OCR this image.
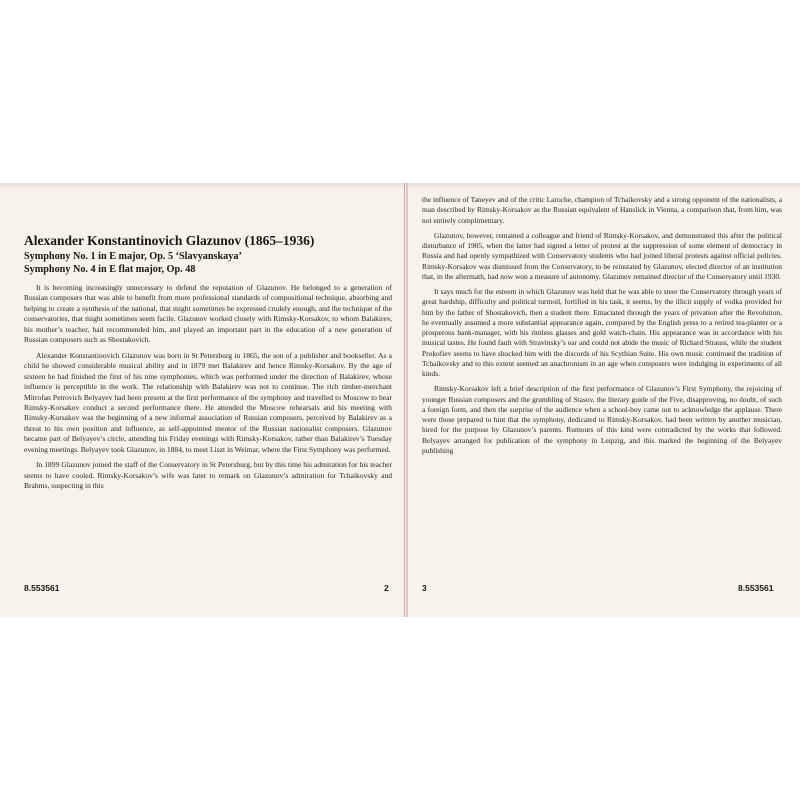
Alexander Konstantinovich Glazunov (1865–1936)
Symphony No. 1 in E major, Op. 5 ‘Slavyanskaya’
Symphony No. 4 in E flat major, Op. 48

It is becoming increasingly unnecessary to defend the reputation of Glazunov. He belonged to a generation of Russian composers that was able to benefit from more professional standards of compositional technique, absorbing and helping to create a synthesis of the national, that might sometimes be expressed crudely enough, and the technique of the conservatories, that might sometimes seem facile. Glazunov worked closely with Rimsky-Korsakov, to whom Balakirev, his mother’s teacher, had recommended him, and played an important part in the education of a new generation of Russian composers such as Shostakovich.

Alexander Konstantinovich Glazunov was born in St Petersburg in 1865, the son of a publisher and bookseller. As a child he showed considerable musical ability and in 1879 met Balakirev and hence Rimsky-Korsakov. By the age of sixteen he had finished the first of his nine symphonies, which was performed under the direction of Balakirev, whose influence is perceptible in the work. The relationship with Balakirev was not to continue. The rich timber-merchant Mitrofan Petrovich Belyayev had been present at the first performance of the symphony and travelled to Moscow to hear Rimsky-Korsakov conduct a second performance there. He attended the Moscow rehearsals and his meeting with Rimsky-Korsakov was the beginning of a new informal association of Russian composers, perceived by Balakirev as a threat to his own position and influence, as self-appointed mentor of the Russian nationalist composers. Glazunov became part of Belyayev’s circle, attending his Friday evenings with Rimsky-Korsakov, rather than Balakirev’s Tuesday evening meetings. Belyayev took Glazunov, in 1884, to meet Liszt in Weimar, where the First Symphony was performed.

In 1899 Glazunov joined the staff of the Conservatory in St Petersburg, but by this time his admiration for his teacher seems to have cooled. Rimsky-Korsakov’s wife was later to remark on Glazunov’s admiration for Tchaikovsky and Brahms, suspecting in this

the influence of Taneyev and of the critic Laroche, champion of Tchaikovsky and a strong opponent of the nationalists, a man described by Rimsky-Korsakov as the Russian equivalent of Hanslick in Vienna, a comparison that, from him, was not entirely complimentary.

Glazunov, however, remained a colleague and friend of Rimsky-Korsakov, and demonstrated this after the political disturbance of 1905, when the latter had signed a letter of protest at the suppression of some element of democracy in Russia and had openly sympathized with Conservatory students who had joined liberal protests against official policies. Rimsky-Korsakov was dismissed from the Conservatory, to be reinstated by Glazunov, elected director of an institution that, in the aftermath, had now won a measure of autonomy. Glazunov remained director of the Conservatory until 1930.

It says much for the esteem in which Glazunov was held that he was able to steer the Conservatory through years of great hardship, difficulty and political turmoil, fortified in his task, it seems, by the illicit supply of vodka provided for him by the father of Shostakovich, then a student there. Emaciated through the years of privation after the Revolution, he eventually assumed a more substantial appearance again, compared by the English press to a retired tea-planter or a prosperous bank-manager, with his rimless glasses and gold watch-chain. His appearance was in accordance with his musical tastes. He found fault with Stravinsky’s ear and could not abide the music of Richard Strauss, while the student Prokofiev seems to have shocked him with the discords of his Scythian Suite. His own music continued the tradition of Tchaikovsky and to this extent seemed an anachronism in an age when composers were indulging in experiments of all kinds.

Rimsky-Korsakov left a brief description of the first performance of Glazunov’s First Symphony, the rejoicing of younger Russian composers and the grumbling of Stasov, the literary guide of the Five, disapproving, no doubt, of such a foreign form, and then the surprise of the audience when a school-boy came out to acknowledge the applause. There were those prepared to hint that the symphony, dedicated to Rimsky-Korsakov, had been written by another musician, hired for the purpose by Glazunov’s parents. Rumours of this kind were contradicted by the works that followed. Belyayev arranged for publication of the symphony in Leipzig, and this marked the beginning of the Belyayev publishing

8.553561	2	3	8.553561
